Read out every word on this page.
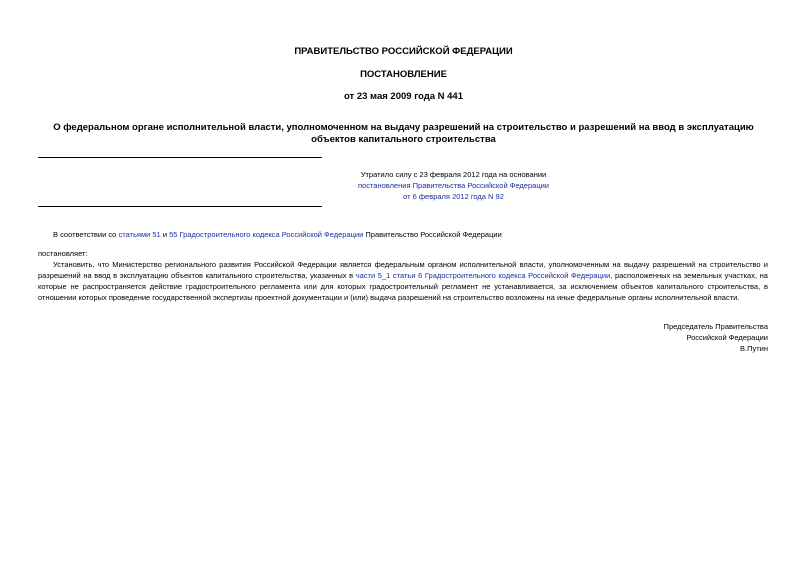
ПРАВИТЕЛЬСТВО РОССИЙСКОЙ ФЕДЕРАЦИИ
ПОСТАНОВЛЕНИЕ
от 23 мая 2009 года N 441
О федеральном органе исполнительной власти, уполномоченном на выдачу разрешений на строительство и разрешений на ввод в эксплуатацию объектов капитального строительства
Утратило силу с 23 февраля 2012 года на основании
постановления Правительства Российской Федерации
от 6 февраля 2012 года N 92
В соответствии со статьями 51 и 55 Градостроительного кодекса Российской Федерации Правительство Российской Федерации
постановляет:
Установить, что Министерство регионального развития Российской Федерации является федеральным органом исполнительной власти, уполномоченным на выдачу разрешений на строительство и разрешений на ввод в эксплуатацию объектов капитального строительства, указанных в части 5_1 статьи 6 Градостроительного кодекса Российской Федерации, расположенных на земельных участках, на которые не распространяется действие градостроительного регламента или для которых градостроительный регламент не устанавливается, за исключением объектов капитального строительства, в отношении которых проведение государственной экспертизы проектной документации и (или) выдача разрешений на строительство возложены на иные федеральные органы исполнительной власти.
Председатель Правительства
Российской Федерации
В.Путин
